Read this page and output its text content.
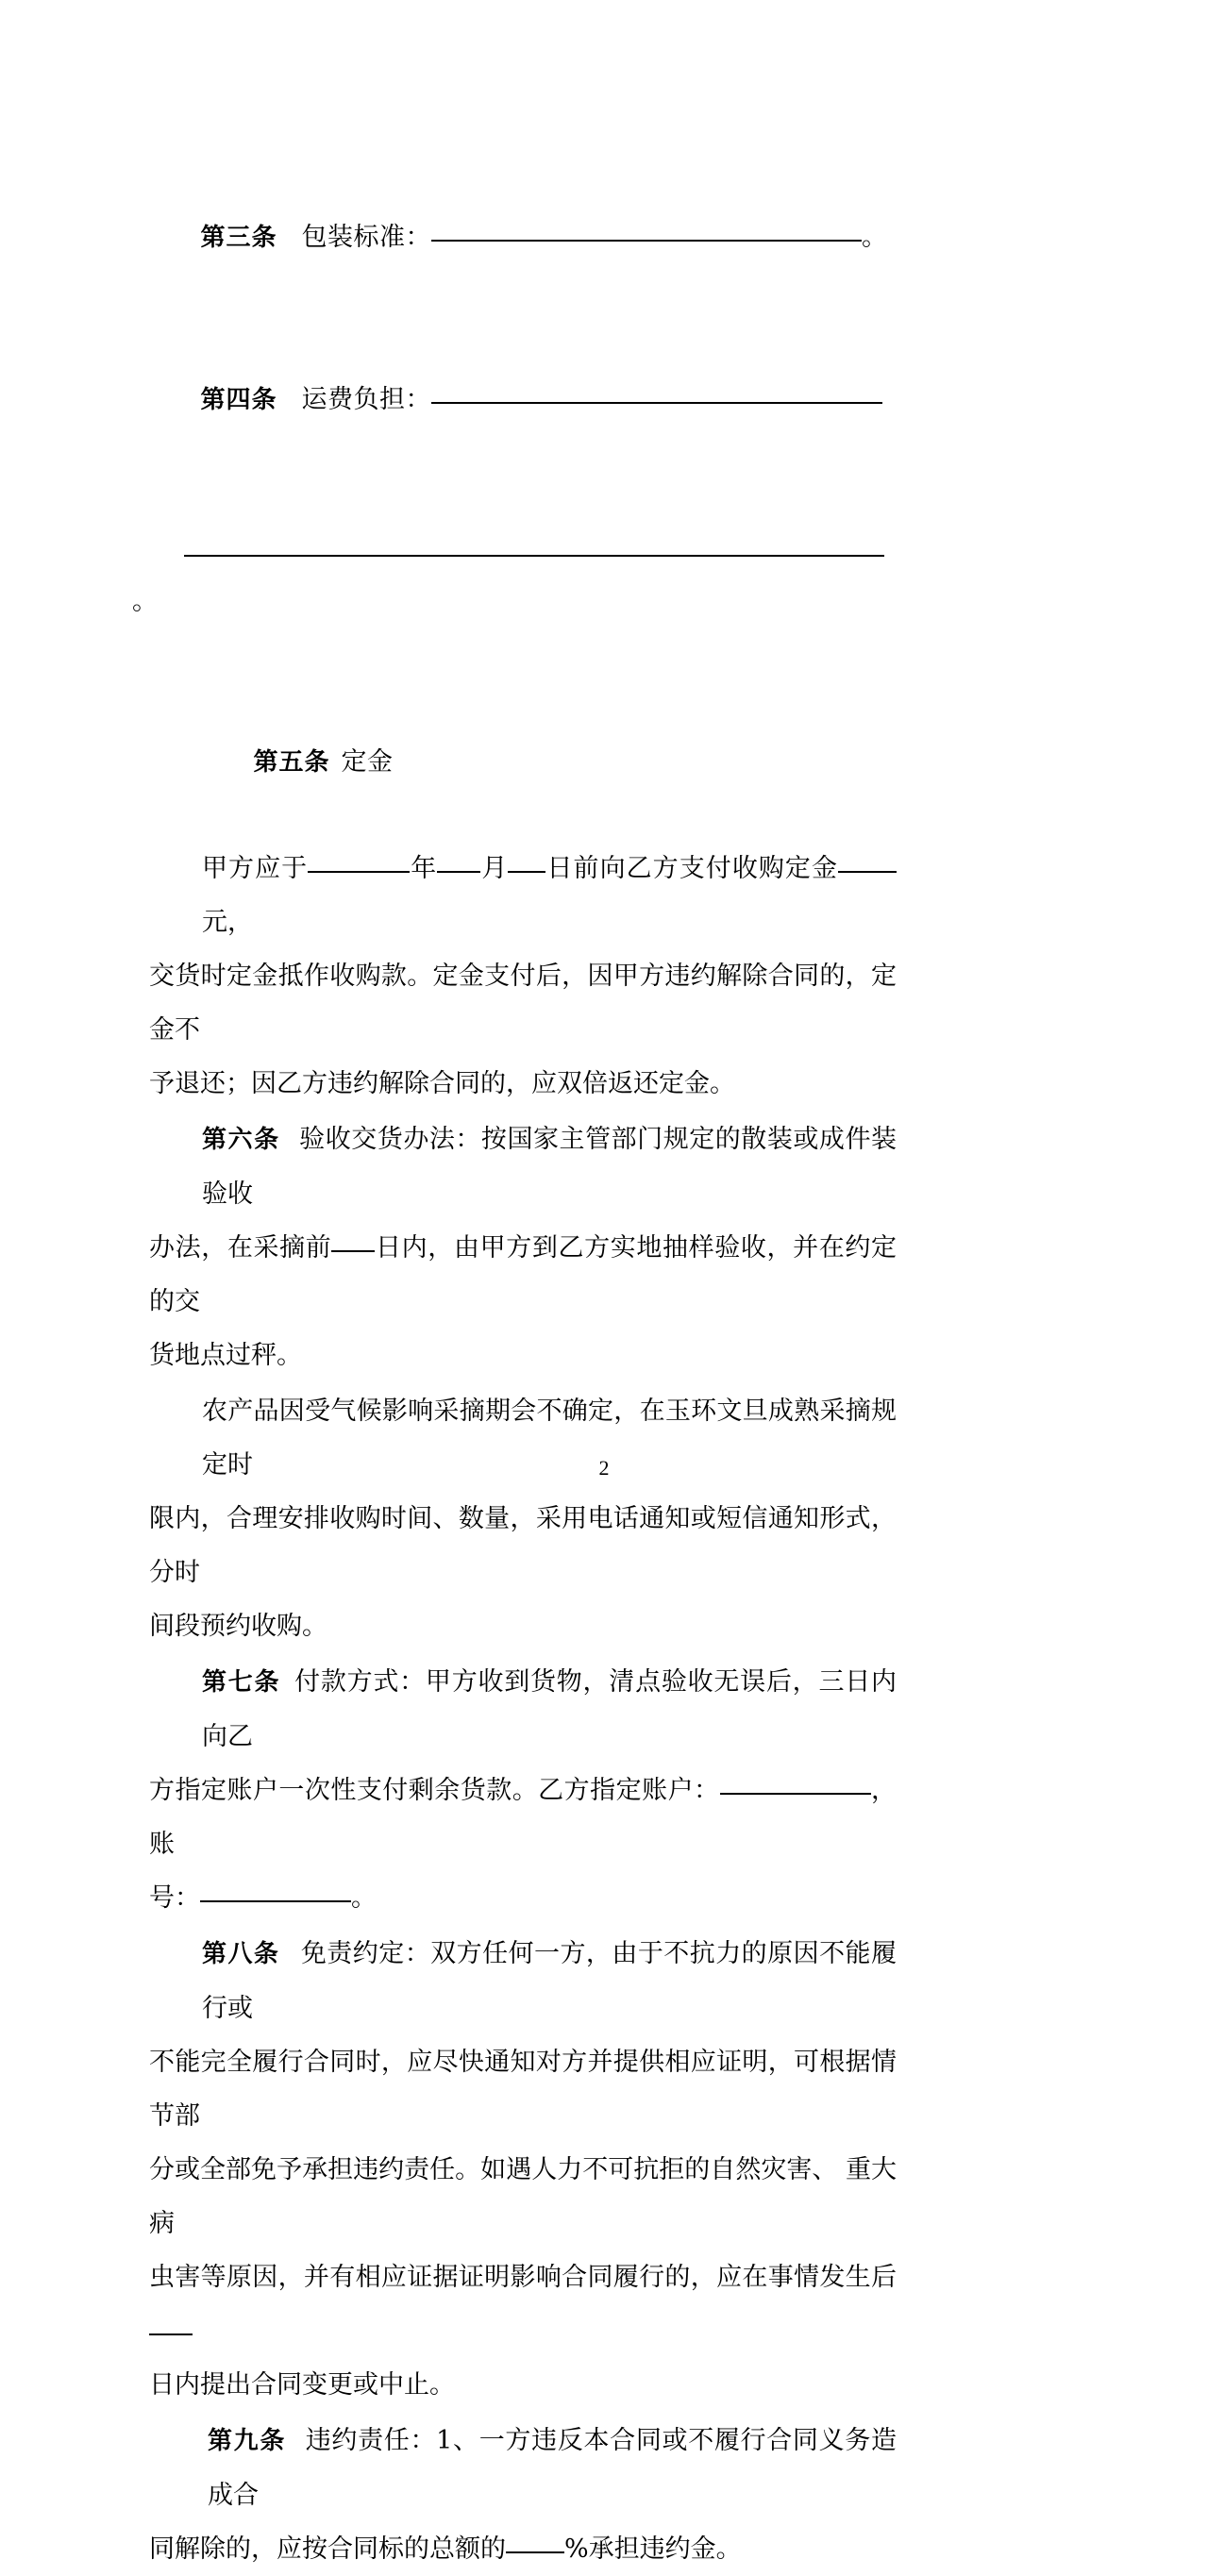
第三条 包装标准：	。

第四条 运费负担：

。

第五条 定金

甲方应于	年 月 日前向乙方支付收购定金元，
交货时定金抵作收购款。定金支付后，因甲方违约解除合同的，定金不
予退还；因乙方违约解除合同的，应双倍返还定金。
第六条 验收交货办法：按国家主管部门规定的散装或成件装验收
办法，在采摘前 日内，由甲方到乙方实地抽样验收，并在约定的交
货地点过秤。
农产品因受气候影响采摘期会不确定，在玉环文旦成熟采摘规定时
限内，合理安排收购时间、数量，采用电话通知或短信通知形式，分时
间段预约收购。
第七条 付款方式：甲方收到货物，清点验收无误后，三日内向乙
方指定账户一次性支付剩余货款。乙方指定账户：	，账
号：	。
第八条 免责约定：双方任何一方，由于不抗力的原因不能履行或
不能完全履行合同时，应尽快通知对方并提供相应证明，可根据情节部
分或全部免予承担违约责任。如遇人力不可抗拒的自然灾害、 重大病
虫害等原因，并有相应证据证明影响合同履行的，应在事情发生后
日内提出合同变更或中止。
第九条 违约责任：1、一方违反本合同或不履行合同义务造成合
同解除的，应按合同标的总额的 %承担违约金。
2
